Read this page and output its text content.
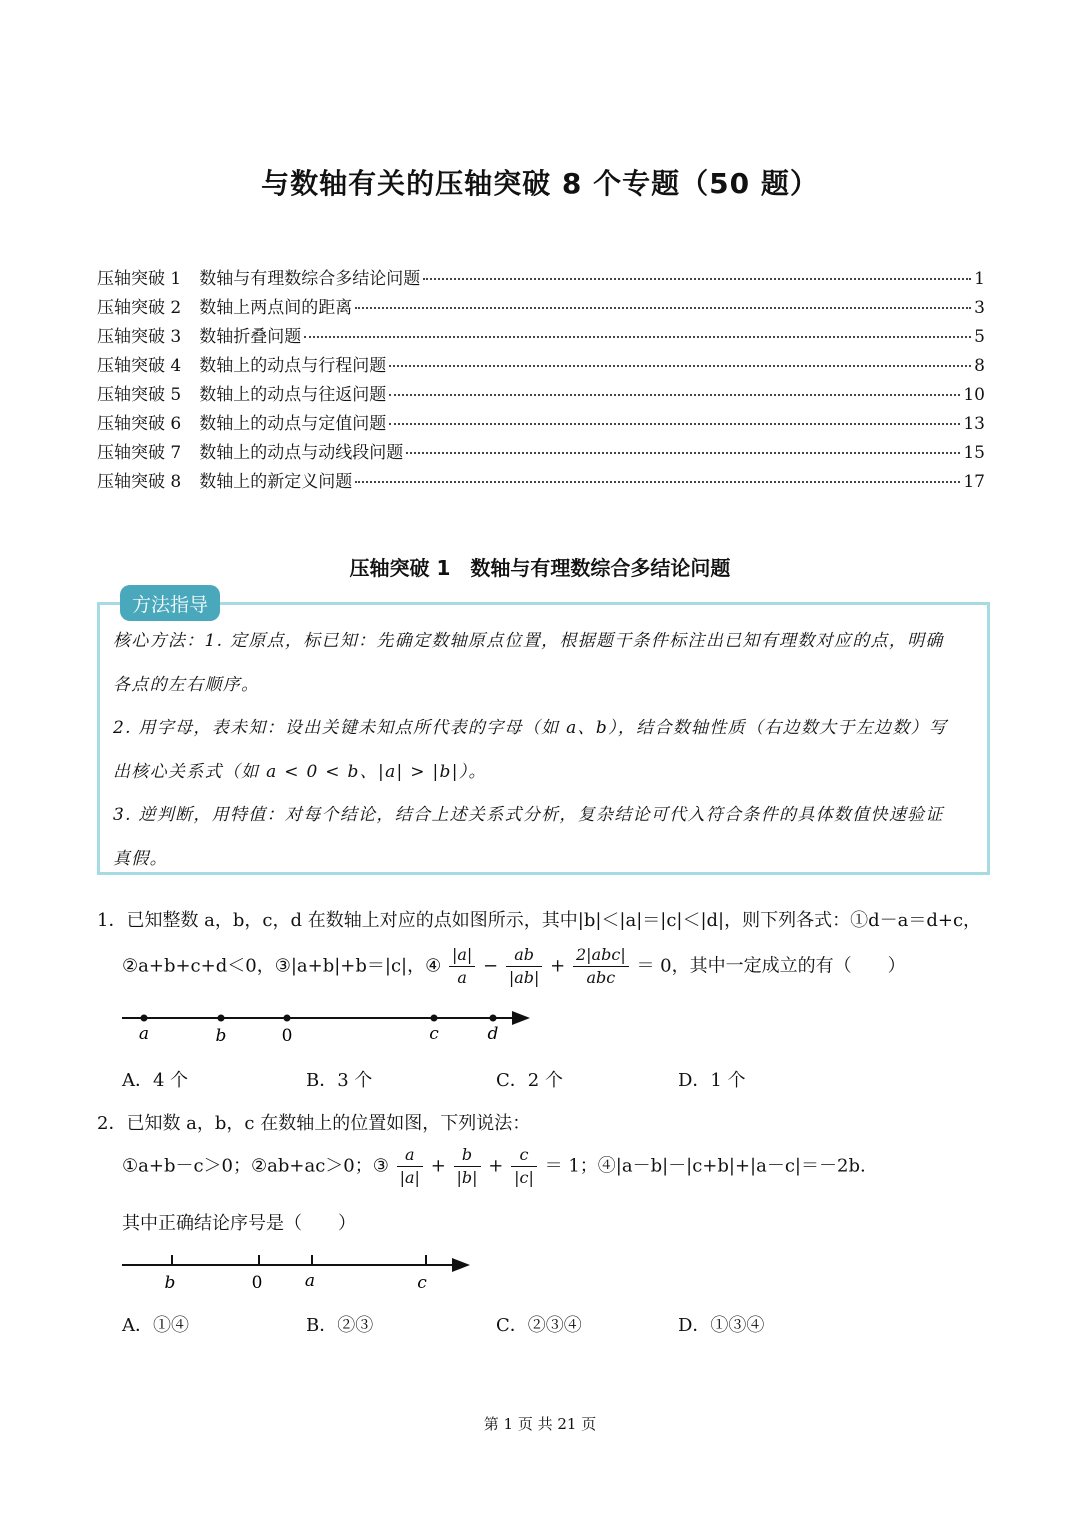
与数轴有关的压轴突破 8 个专题（50 题）
压轴突破 1 数轴与有理数综合多结论问题	1
压轴突破 2 数轴上两点间的距离	3
压轴突破 3 数轴折叠问题	5
压轴突破 4 数轴上的动点与行程问题	8
压轴突破 5 数轴上的动点与往返问题	10
压轴突破 6 数轴上的动点与定值问题	13
压轴突破 7 数轴上的动点与动线段问题	15
压轴突破 8 数轴上的新定义问题	17
压轴突破 1　数轴与有理数综合多结论问题
方法指导
核心方法：1. 定原点，标已知：先确定数轴原点位置，根据题干条件标注出已知有理数对应的点，明确
各点的左右顺序。
2. 用字母，表未知：设出关键未知点所代表的字母（如 a、b），结合数轴性质（右边数大于左边数）写
出核心关系式（如 a < 0 < b、|a| > |b|）。
3. 逆判断，用特值：对每个结论，结合上述关系式分析，复杂结论可代入符合条件的具体数值快速验证
真假。
1．已知整数 a，b，c，d 在数轴上对应的点如图所示，其中|b|＜|a|＝|c|＜|d|，则下列各式：①d－a＝d+c，
②a+b+c+d＜0，③|a+b|+b＝|c|，④ $\frac{|a|}{a} - \frac{ab}{|ab|} + \frac{\text{2|abc|}}{\text{abc}} = 0$，其中一定成立的有（　　）
a	b	0	c	d
A．4 个	B．3 个	C．2 个	D．1 个
2．已知数 a，b，c 在数轴上的位置如图，下列说法：
①a+b－c＞0；②ab+ac＞0；③ $\frac{a}{|a|} + \frac{b}{|b|} + \frac{c}{|c|} = 1$；④|a－b|－|c+b|+|a－c|＝－2b.
其中正确结论序号是（　　）
b	0	a	c
A．①④	B．②③	C．②③④	D．①③④
第 1 页 共 21 页
